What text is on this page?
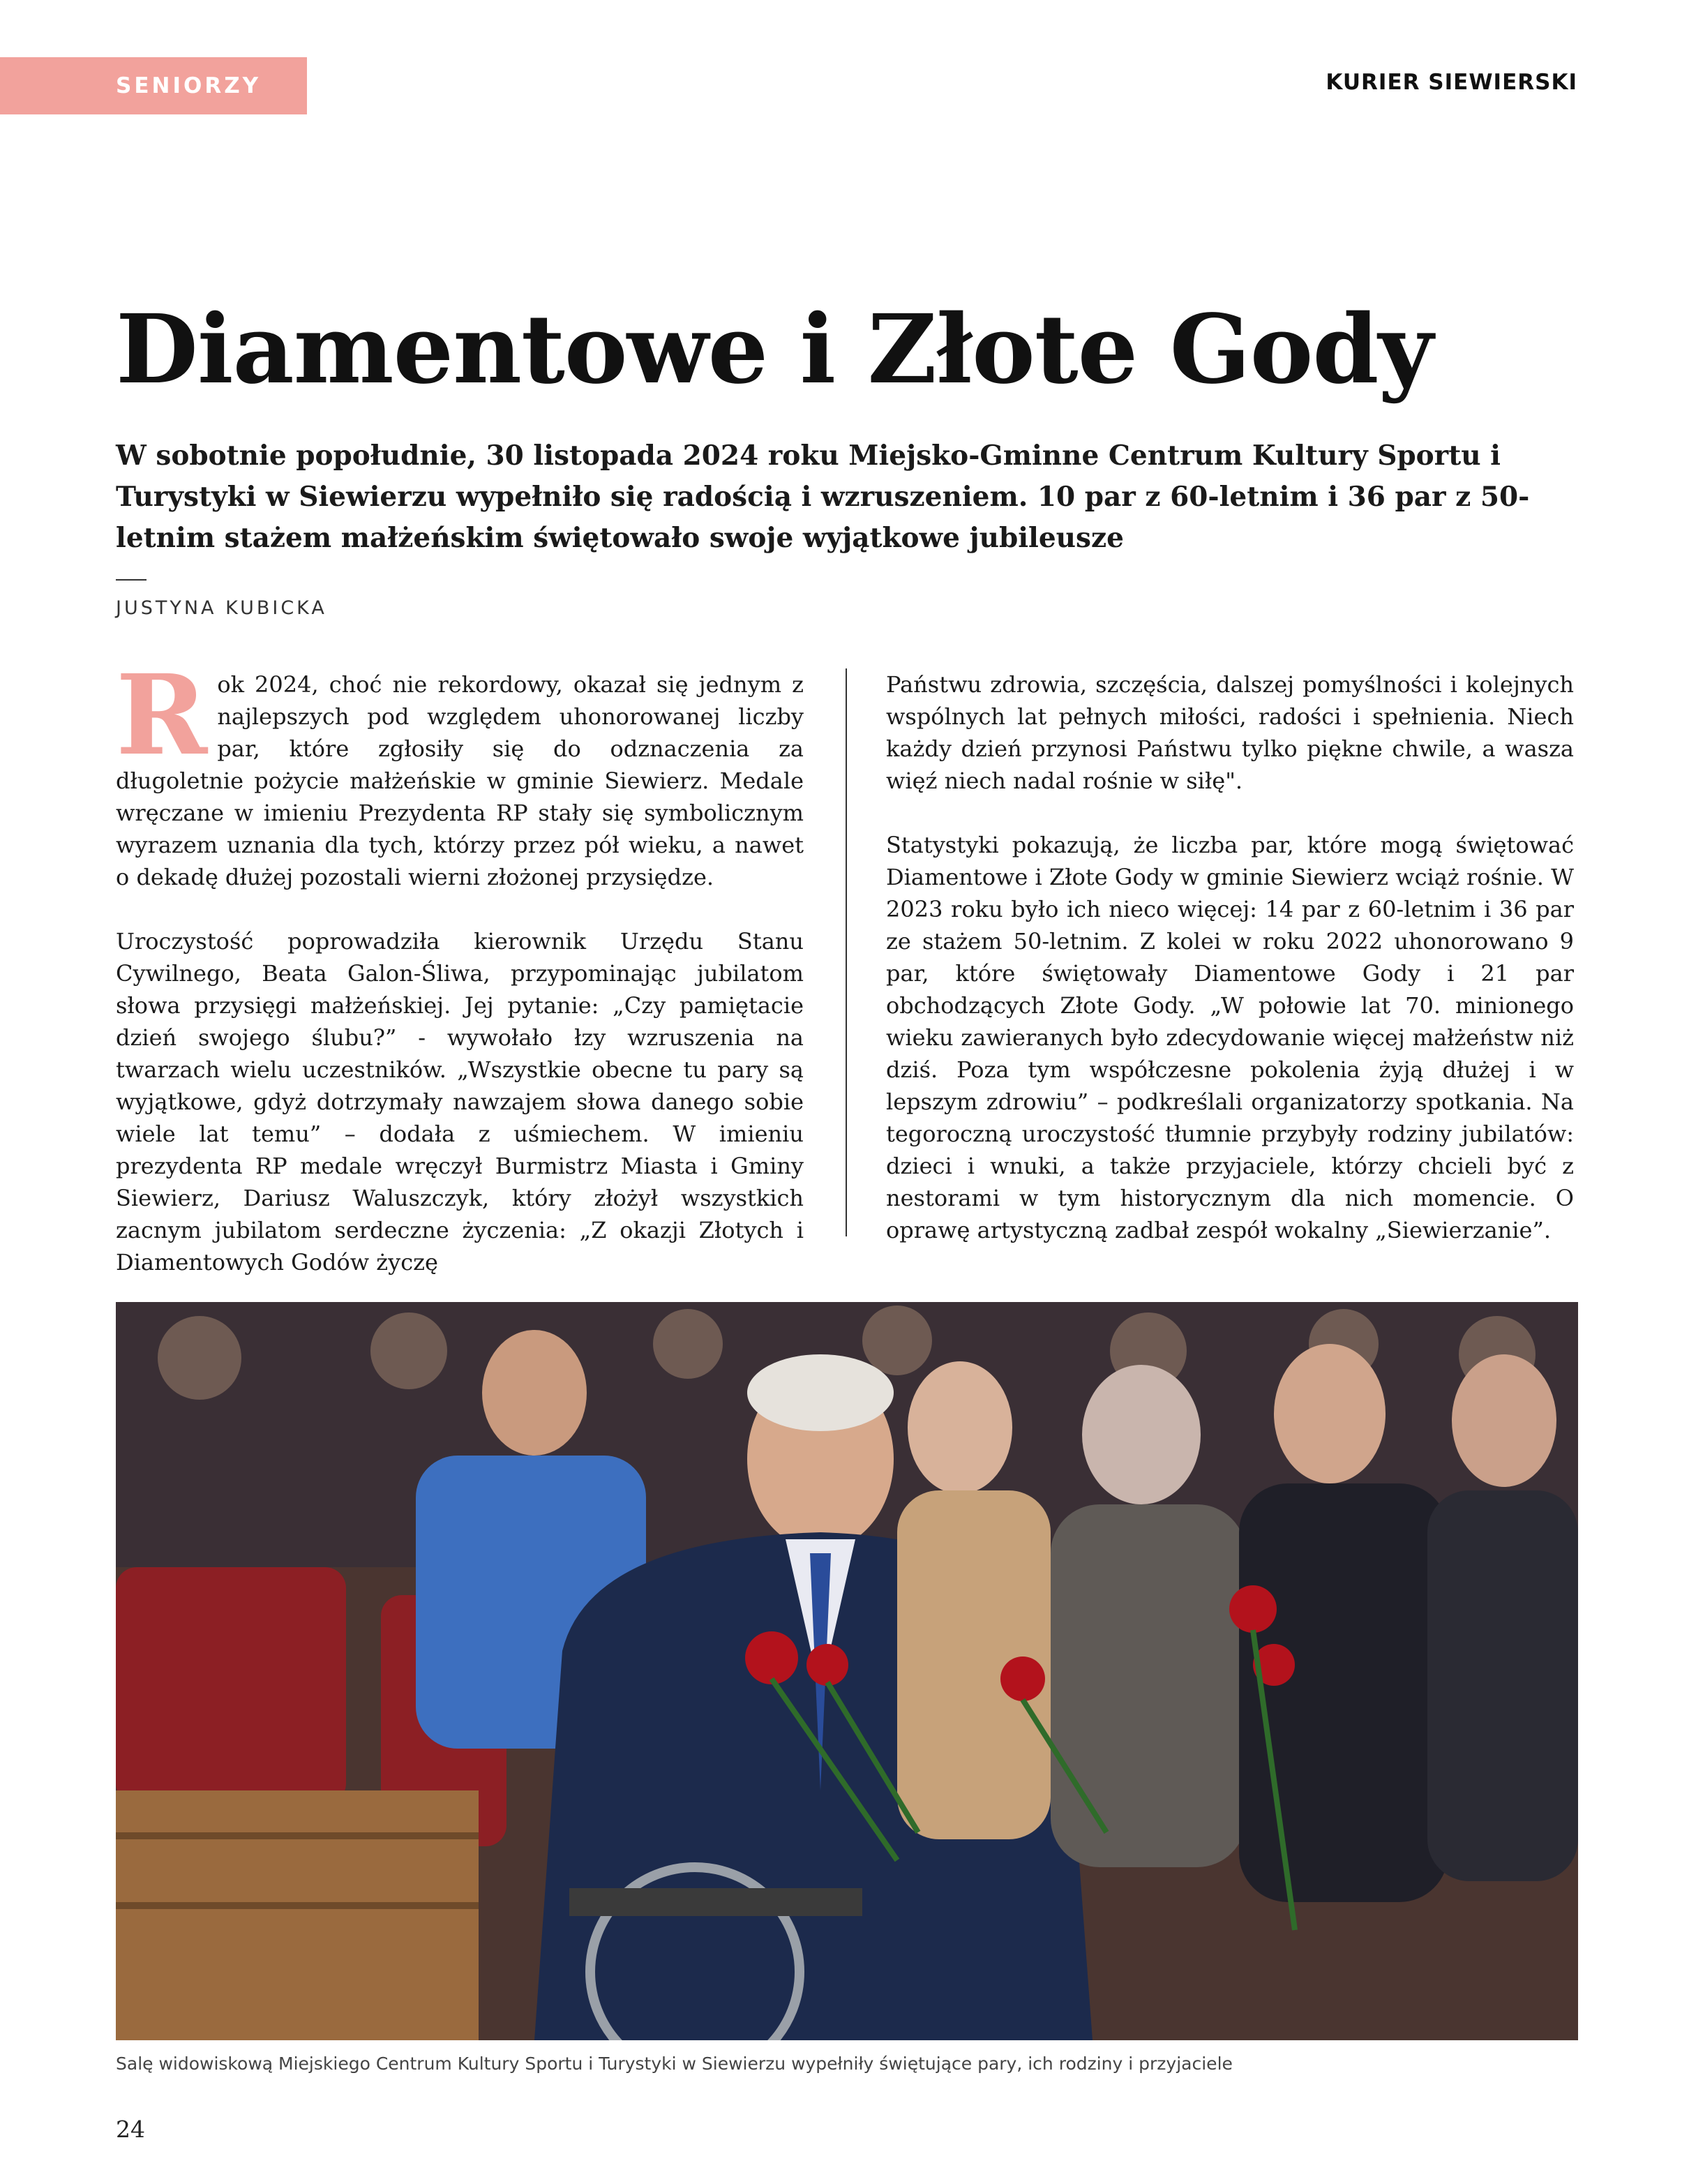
SENIORZY	KURIER SIEWIERSKI
Diamentowe i Złote Gody
W sobotnie popołudnie, 30 listopada 2024 roku Miejsko-Gminne Centrum Kultury Sportu i Turystyki w Siewierzu wypełniło się radością i wzruszeniem. 10 par z 60-letnim i 36 par z 50-letnim stażem małżeńskim świętowało swoje wyjątkowe jubileusze
JUSTYNA KUBICKA

Rok 2024, choć nie rekordowy, okazał się jednym z najlepszych pod względem uhonorowanej liczby par, które zgłosiły się do odznaczenia za długoletnie pożycie małżeńskie w gminie Siewierz. Medale wręczane w imieniu Prezydenta RP stały się symbolicznym wyrazem uznania dla tych, którzy przez pół wieku, a nawet o dekadę dłużej pozostali wierni złożonej przysiędze.

Uroczystość poprowadziła kierownik Urzędu Stanu Cywilnego, Beata Galon-Śliwa, przypominając jubilatom słowa przysięgi małżeńskiej. Jej pytanie: „Czy pamiętacie dzień swojego ślubu?” - wywołało łzy wzruszenia na twarzach wielu uczestników. „Wszystkie obecne tu pary są wyjątkowe, gdyż dotrzymały nawzajem słowa danego sobie wiele lat temu” – dodała z uśmiechem. W imieniu prezydenta RP medale wręczył Burmistrz Miasta i Gminy Siewierz, Dariusz Waluszczyk, który złożył wszystkich zacnym jubilatom serdeczne życzenia: „Z okazji Złotych i Diamentowych Godów życzę

Państwu zdrowia, szczęścia, dalszej pomyślności i kolejnych wspólnych lat pełnych miłości, radości i spełnienia. Niech każdy dzień przynosi Państwu tylko piękne chwile, a wasza więź niech nadal rośnie w siłę".

Statystyki pokazują, że liczba par, które mogą świętować Diamentowe i Złote Gody w gminie Siewierz wciąż rośnie. W 2023 roku było ich nieco więcej: 14 par z 60-letnim i 36 par ze stażem 50-letnim. Z kolei w roku 2022 uhonorowano 9 par, które świętowały Diamentowe Gody i 21 par obchodzących Złote Gody. „W połowie lat 70. minionego wieku zawieranych było zdecydowanie więcej małżeństw niż dziś. Poza tym współczesne pokolenia żyją dłużej i w lepszym zdrowiu” – podkreślali organizatorzy spotkania. Na tegoroczną uroczystość tłumnie przybyły rodziny jubilatów: dzieci i wnuki, a także przyjaciele, którzy chcieli być z nestorami w tym historycznym dla nich momencie. O oprawę artystyczną zadbał zespół wokalny „Siewierzanie”.

Salę widowiskową Miejskiego Centrum Kultury Sportu i Turystyki w Siewierzu wypełniły świętujące pary, ich rodziny i przyjaciele
24
